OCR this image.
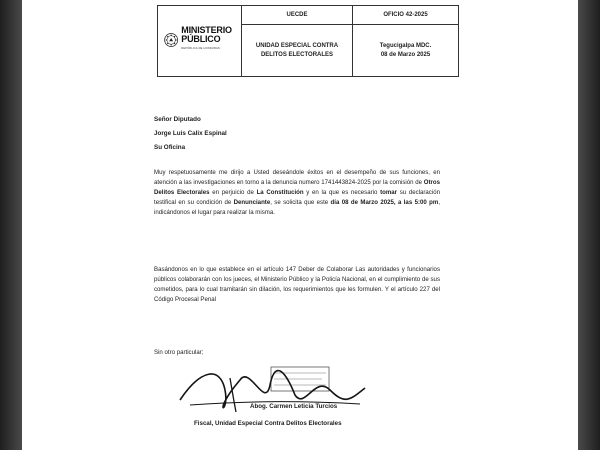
MINISTERIO PÚBLICO
REPÚBLICA DE HONDURAS
UECDE
UNIDAD ESPECIAL CONTRA
DELITOS ELECTORALES
OFICIO 42-2025
Tegucigalpa MDC.
08 de Marzo 2025
Señor Diputado
Jorge Luis Calix Espinal
Su Oficina
Muy respetuosamente me dirijo a Usted deseándole éxitos en el desempeño de sus funciones, en atención a las investigaciones en torno a la denuncia numero 1741443824-2025 por la comisión de Otros Delitos Electorales en perjuicio de La Constitución y en la que es necesario tomar su declaración testifical en su condición de Denunciante, se solicita que este día 08 de Marzo 2025, a las 5:00 pm, indicándonos el lugar para realizar la misma.
Basándonos en lo que establece en el artículo 147 Deber de Colaborar Las autoridades y funcionarios públicos colaborarán con los jueces, el Ministerio Público y la Policía Nacional, en el cumplimiento de sus cometidos, para lo cual tramitarán sin dilación, los requerimientos que les formulen. Y el artículo 227 del Código Procesal Penal
Sin otro particular;
Abog. Carmen Leticia Turcios
Fiscal, Unidad Especial Contra Delitos Electorales
